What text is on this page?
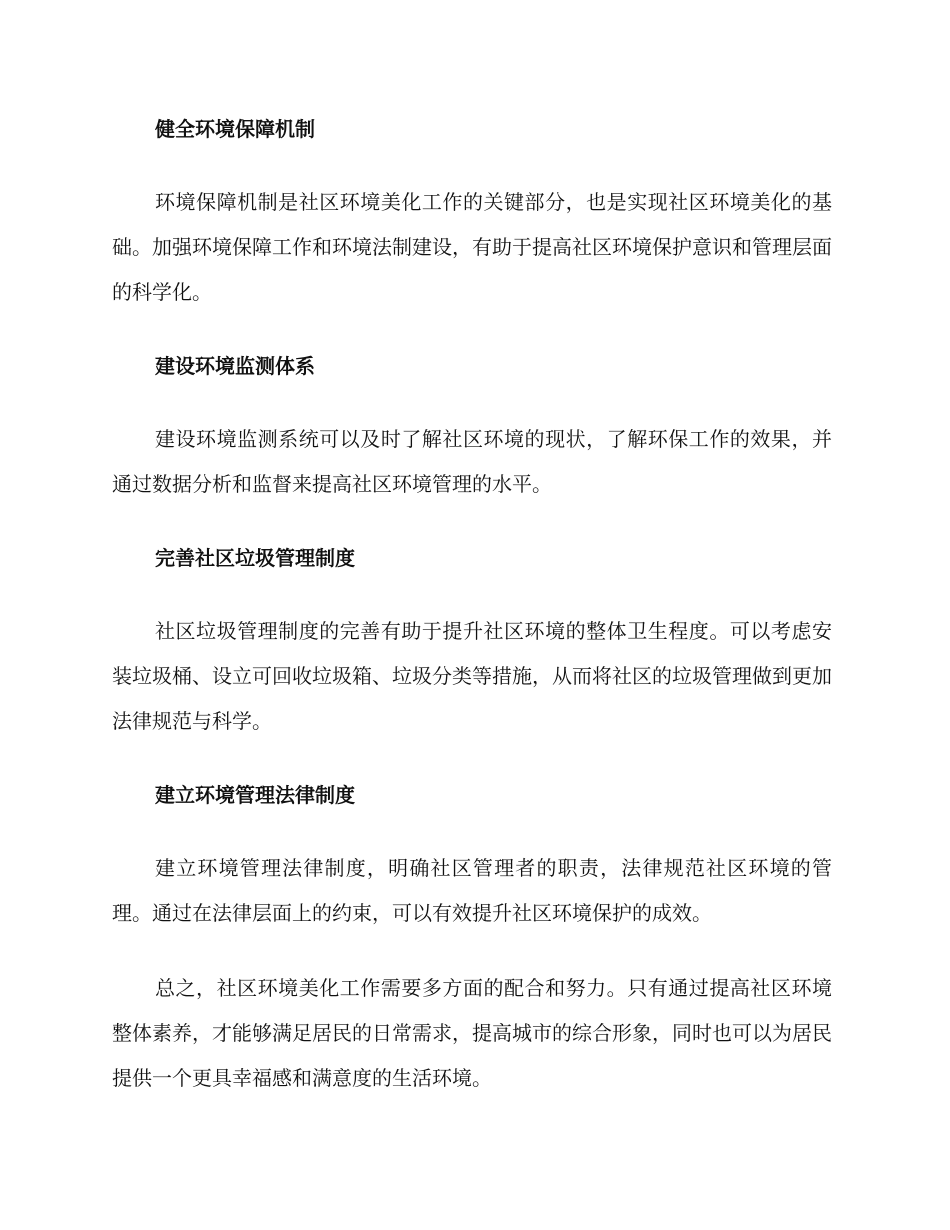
健全环境保障机制
环境保障机制是社区环境美化工作的关键部分，也是实现社区环境美化的基础。加强环境保障工作和环境法制建设，有助于提高社区环境保护意识和管理层面的科学化。
建设环境监测体系
建设环境监测系统可以及时了解社区环境的现状，了解环保工作的效果，并通过数据分析和监督来提高社区环境管理的水平。
完善社区垃圾管理制度
社区垃圾管理制度的完善有助于提升社区环境的整体卫生程度。可以考虑安装垃圾桶、设立可回收垃圾箱、垃圾分类等措施，从而将社区的垃圾管理做到更加法律规范与科学。
建立环境管理法律制度
建立环境管理法律制度，明确社区管理者的职责，法律规范社区环境的管理。通过在法律层面上的约束，可以有效提升社区环境保护的成效。
总之，社区环境美化工作需要多方面的配合和努力。只有通过提高社区环境整体素养，才能够满足居民的日常需求，提高城市的综合形象，同时也可以为居民提供一个更具幸福感和满意度的生活环境。
